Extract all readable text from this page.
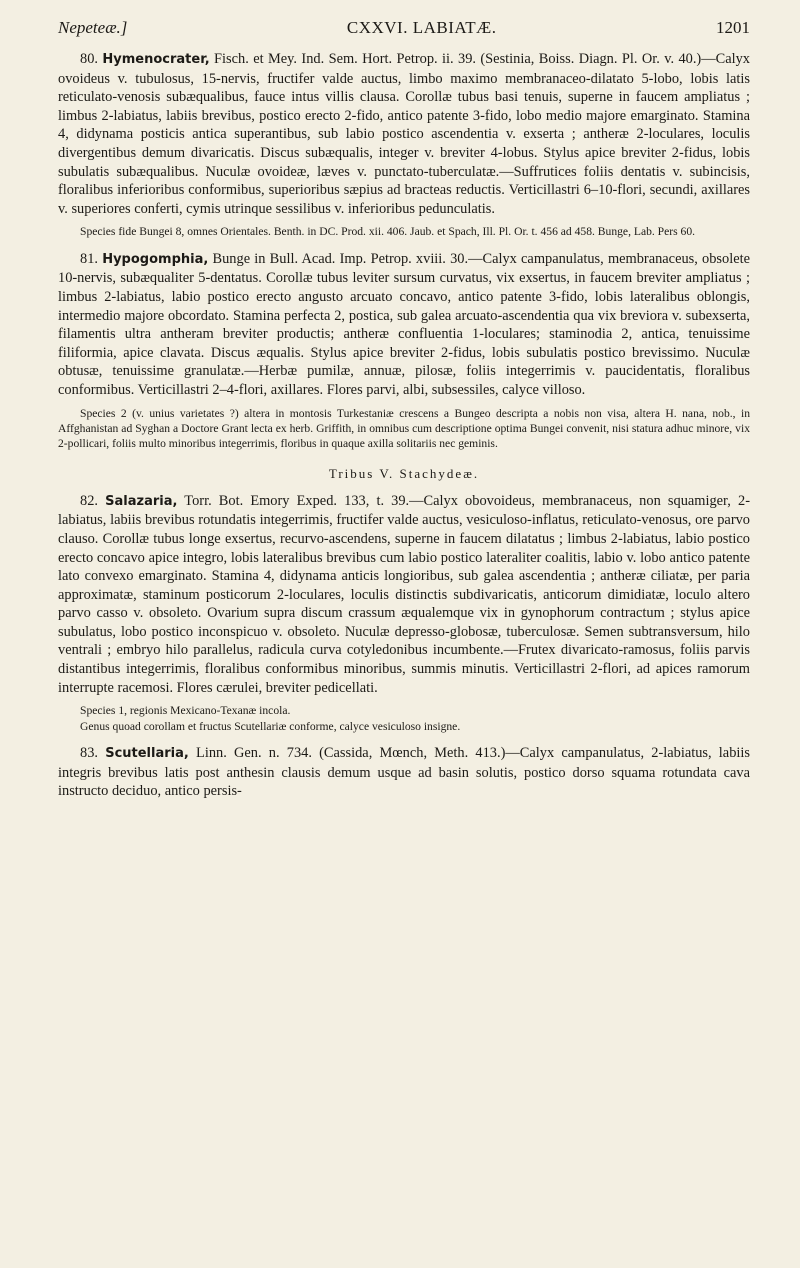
Nepeteæ.]	CXXVI. LABIATÆ.	1201

80. Hymenocrater, Fisch. et Mey. Ind. Sem. Hort. Petrop. ii. 39. (Sestinia, Boiss. Diagn. Pl. Or. v. 40.)—Calyx ovoideus v. tubulosus, 15-nervis, fructifer valde auctus, limbo maximo membranaceo-dilatato 5-lobo, lobis latis reticulato-venosis subæqualibus, fauce intus villis clausa. Corollæ tubus basi tenuis, superne in faucem ampliatus ; limbus 2-labiatus, labiis brevibus, postico erecto 2-fido, antico patente 3-fido, lobo medio majore emarginato. Stamina 4, didynama posticis antica superantibus, sub labio postico ascendentia v. exserta ; antheræ 2-loculares, loculis divergentibus demum divaricatis. Discus subæqualis, integer v. breviter 4-lobus. Stylus apice breviter 2-fidus, lobis subulatis subæqualibus. Nuculæ ovoideæ, læves v. punctato-tuberculatæ.—Suffrutices foliis dentatis v. subincisis, floralibus inferioribus conformibus, superioribus sæpius ad bracteas reductis. Verticillastri 6–10-flori, secundi, axillares v. superiores conferti, cymis utrinque sessilibus v. inferioribus pedunculatis.

Species fide Bungei 8, omnes Orientales. Benth. in DC. Prod. xii. 406. Jaub. et Spach, Ill. Pl. Or. t. 456 ad 458. Bunge, Lab. Pers 60.

81. Hypogomphia, Bunge in Bull. Acad. Imp. Petrop. xviii. 30.—Calyx campanulatus, membranaceus, obsolete 10-nervis, subæqualiter 5-dentatus. Corollæ tubus leviter sursum curvatus, vix exsertus, in faucem breviter ampliatus ; limbus 2-labiatus, labio postico erecto angusto arcuato concavo, antico patente 3-fido, lobis lateralibus oblongis, intermedio majore obcordato. Stamina perfecta 2, postica, sub galea arcuato-ascendentia qua vix breviora v. subexserta, filamentis ultra antheram breviter productis; antheræ confluentia 1-loculares; staminodia 2, antica, tenuissime filiformia, apice clavata. Discus æqualis. Stylus apice breviter 2-fidus, lobis subulatis postico brevissimo. Nuculæ obtusæ, tenuissime granulatæ.—Herbæ pumilæ, annuæ, pilosæ, foliis integerrimis v. paucidentatis, floralibus conformibus. Verticillastri 2–4-flori, axillares. Flores parvi, albi, subsessiles, calyce villoso.

Species 2 (v. unius varietates ?) altera in montosis Turkestaniæ crescens a Bungeo descripta a nobis non visa, altera H. nana, nob., in Affghanistan ad Syghan a Doctore Grant lecta ex herb. Griffith, in omnibus cum descriptione optima Bungei convenit, nisi statura adhuc minore, vix 2-pollicari, foliis multo minoribus integerrimis, floribus in quaque axilla solitariis nec geminis.

Tribus V. Stachydeæ.

82. Salazaria, Torr. Bot. Emory Exped. 133, t. 39.—Calyx obovoideus, membranaceus, non squamiger, 2-labiatus, labiis brevibus rotundatis integerrimis, fructifer valde auctus, vesiculoso-inflatus, reticulato-venosus, ore parvo clauso. Corollæ tubus longe exsertus, recurvo-ascendens, superne in faucem dilatatus ; limbus 2-labiatus, labio postico erecto concavo apice integro, lobis lateralibus brevibus cum labio postico lateraliter coalitis, labio v. lobo antico patente lato convexo emarginato. Stamina 4, didynama anticis longioribus, sub galea ascendentia ; antheræ ciliatæ, per paria approximatæ, staminum posticorum 2-loculares, loculis distinctis subdivaricatis, anticorum dimidiatæ, loculo altero parvo casso v. obsoleto. Ovarium supra discum crassum æqualemque vix in gynophorum contractum ; stylus apice subulatus, lobo postico inconspicuo v. obsoleto. Nuculæ depresso-globosæ, tuberculosæ. Semen subtransversum, hilo ventrali ; embryo hilo parallelus, radicula curva cotyledonibus incumbente.—Frutex divaricato-ramosus, foliis parvis distantibus integerrimis, floralibus conformibus minoribus, summis minutis. Verticillastri 2-flori, ad apices ramorum interrupte racemosi. Flores cærulei, breviter pedicellati.

Species 1, regionis Mexicano-Texanæ incola.

Genus quoad corollam et fructus Scutellariæ conforme, calyce vesiculoso insigne.

83. Scutellaria, Linn. Gen. n. 734. (Cassida, Mœnch, Meth. 413.)—Calyx campanulatus, 2-labiatus, labiis integris brevibus latis post anthesin clausis demum usque ad basin solutis, postico dorso squama rotundata cava instructo deciduo, antico persis-
